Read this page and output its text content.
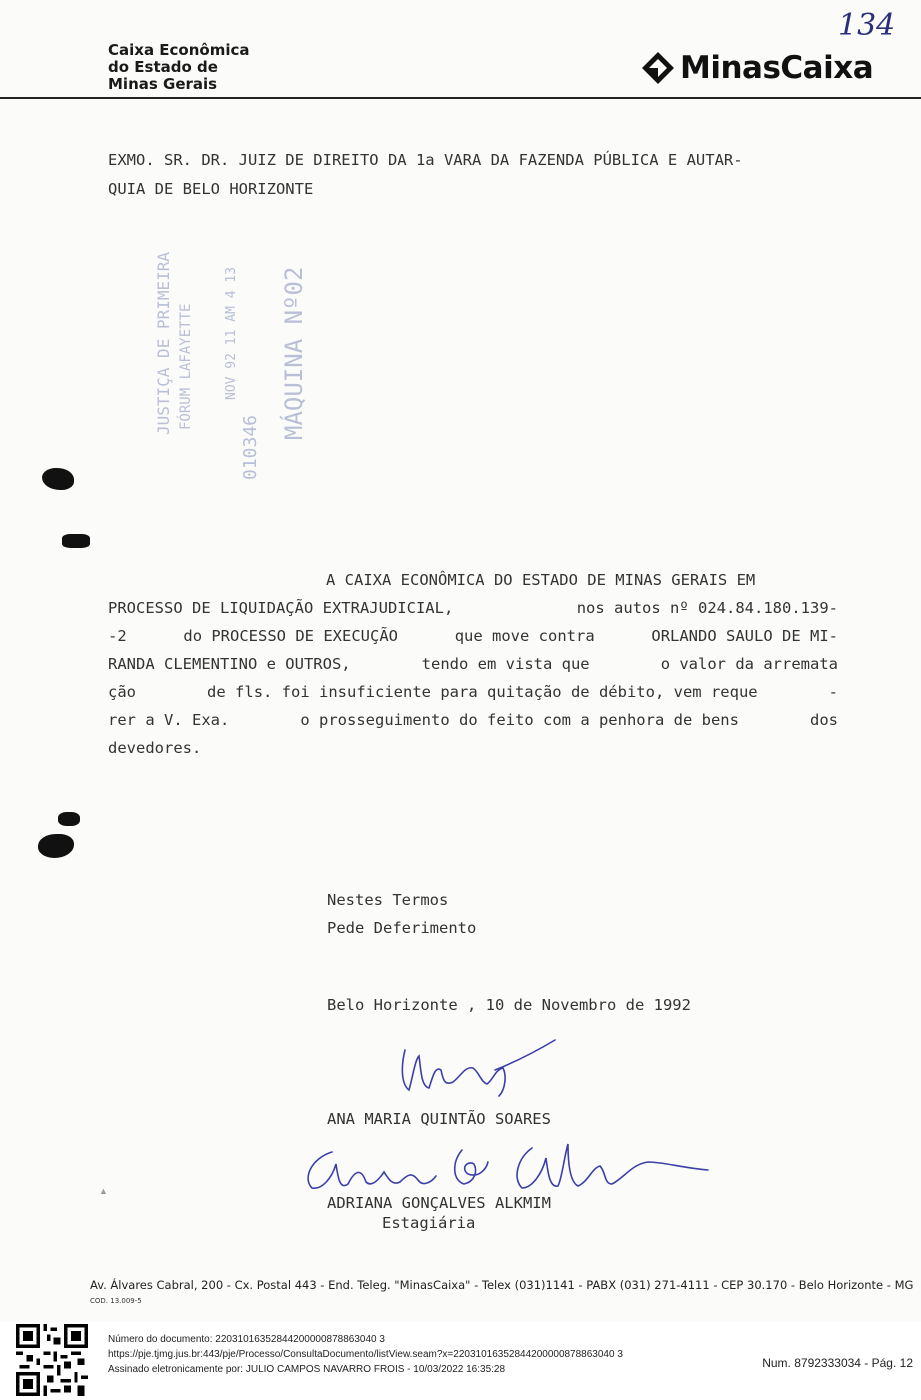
Caixa Econômica
do Estado de
Minas Gerais	MinasCaixa
134
EXMO. SR. DR. JUIZ DE DIREITO DA 1a VARA DA FAZENDA PÚBLICA E AUTAR-
QUIA DE BELO HORIZONTE
JUSTIÇA DE PRIMEIRA FÓRUM LAFAYETTE NOV 92 11 AM 4 13 MÁQUINA Nº02
010346
A CAIXA ECONÔMICA DO ESTADO DE MINAS GERAIS EM
PROCESSO DE LIQUIDAÇÃO EXTRAJUDICIAL,	nos autos nº 024.84.180.139-
-2	do PROCESSO DE EXECUÇÃO	que move contra	ORLANDO SAULO DE MI-
RANDA CLEMENTINO e OUTROS,	tendo em vista que	o valor da arremata
ção	de fls. foi insuficiente para quitação de débito, vem reque	-
rer a V. Exa.	o prosseguimento do feito com a penhora de bens	dos
devedores.
Nestes Termos
Pede Deferimento
Belo Horizonte , 10 de Novembro de 1992
ANA MARIA QUINTÃO SOARES
ADRIANA GONÇALVES ALKMIM
Estagiária
▲
Av. Álvares Cabral, 200 - Cx. Postal 443 - End. Teleg. "MinasCaixa" - Telex (031)1141 - PABX (031) 271-4111 - CEP 30.170 - Belo Horizonte - MG
COD. 13.009-5
Número do documento: 22031016352844200000878863040 3
https://pje.tjmg.jus.br:443/pje/Processo/ConsultaDocumento/listView.seam?x=22031016352844200000878863040 3
Assinado eletronicamente por: JULIO CAMPOS NAVARRO FROIS - 10/03/2022 16:35:28	Num. 8792333034 - Pág. 12
